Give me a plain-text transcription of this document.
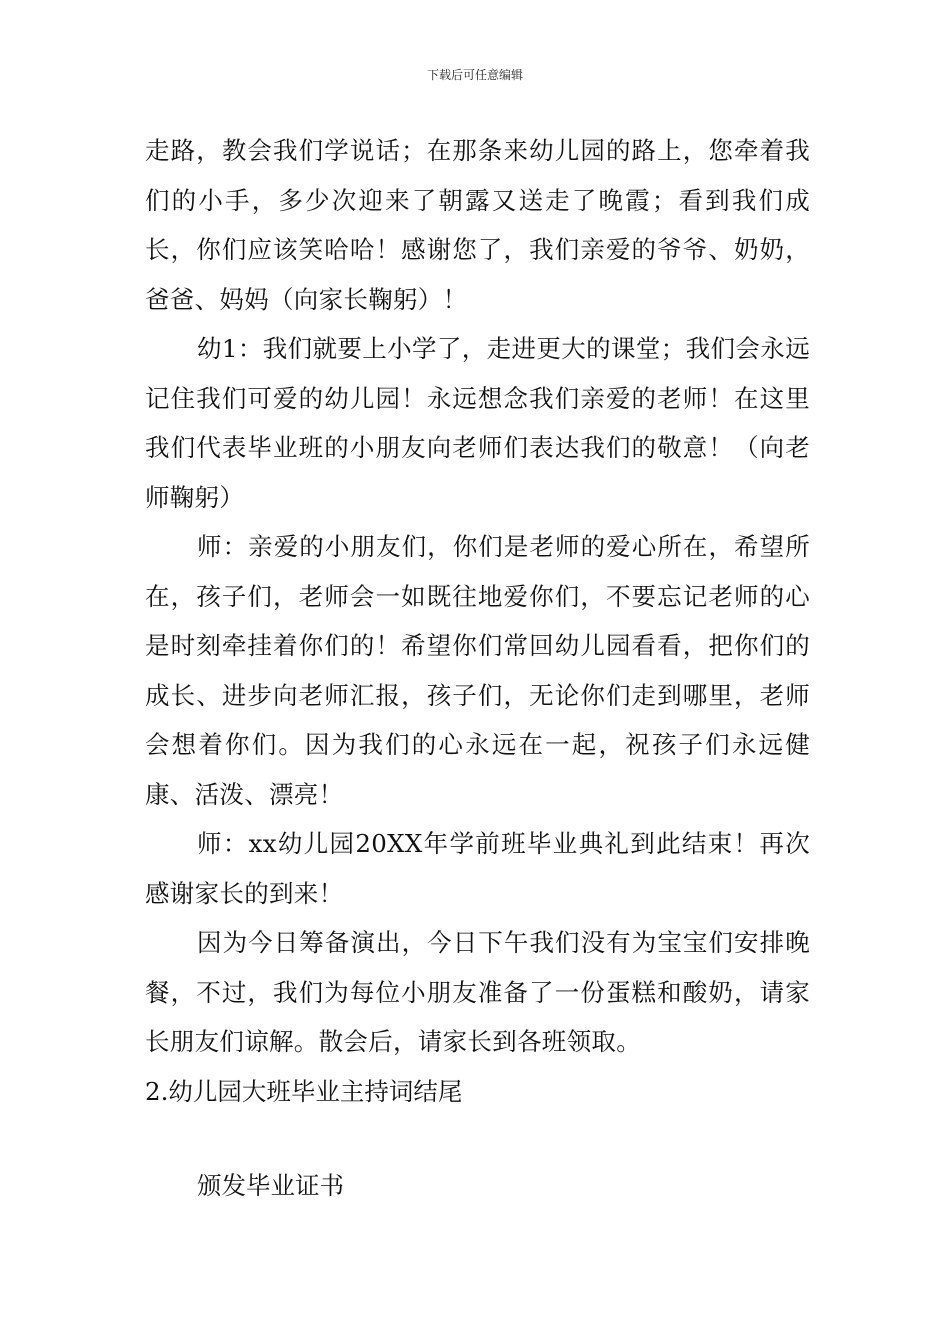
下载后可任意编辑

走路，教会我们学说话；在那条来幼儿园的路上，您牵着我们的小手，多少次迎来了朝露又送走了晚霞；看到我们成长，你们应该笑哈哈！感谢您了，我们亲爱的爷爷、奶奶，爸爸、妈妈（向家长鞠躬）！

幼1：我们就要上小学了，走进更大的课堂；我们会永远记住我们可爱的幼儿园！永远想念我们亲爱的老师！在这里我们代表毕业班的小朋友向老师们表达我们的敬意！（向老师鞠躬）

师：亲爱的小朋友们，你们是老师的爱心所在，希望所在，孩子们，老师会一如既往地爱你们，不要忘记老师的心是时刻牵挂着你们的！希望你们常回幼儿园看看，把你们的成长、进步向老师汇报，孩子们，无论你们走到哪里，老师会想着你们。因为我们的心永远在一起，祝孩子们永远健康、活泼、漂亮！

师：xx幼儿园20XX年学前班毕业典礼到此结束！再次感谢家长的到来！

因为今日筹备演出，今日下午我们没有为宝宝们安排晚餐，不过，我们为每位小朋友准备了一份蛋糕和酸奶，请家长朋友们谅解。散会后，请家长到各班领取。

2.幼儿园大班毕业主持词结尾

颁发毕业证书
